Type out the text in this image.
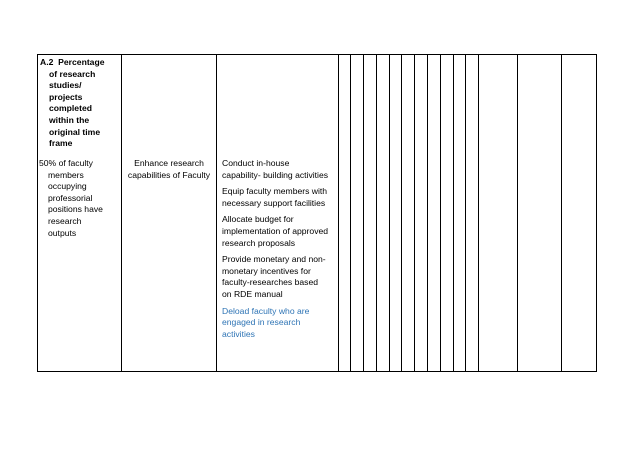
A.2 Percentage
of research
studies/
projects
completed
within the
original time
frame
50% of faculty
members
occupying
professorial
positions have
research
outputs
Enhance research
capabilities of Faculty
Conduct in-house
capability- building activities
Equip faculty members with
necessary support facilities
Allocate budget for
implementation of approved
research proposals
Provide monetary and non-
monetary incentives for
faculty-researches based
on RDE manual
Deload faculty who are
engaged in research
activities
